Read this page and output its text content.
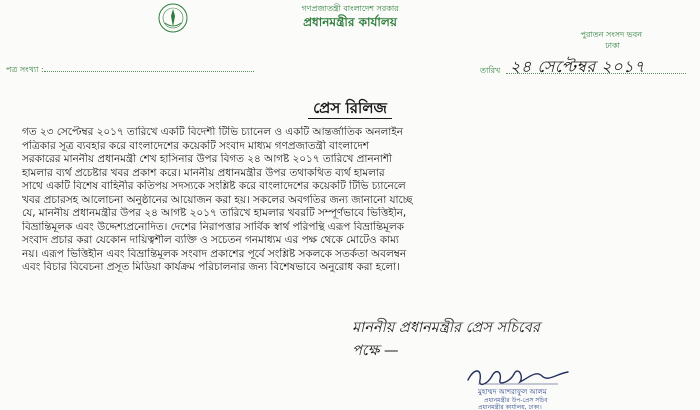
গণপ্রজাতন্ত্রী বাংলাদেশ সরকার
প্রধানমন্ত্রীর কার্যালয়
পুরাতন সংসদ ভবন
ঢাকা
পত্র সংখ্যা :	তারিখ ২৪ সেপ্টেম্বর ২০১৭
প্রেস রিলিজ
গত ২৩ সেপ্টেম্বর ২০১৭ তারিখে একটি বিদেশী টিভি চ্যানেল ও একটি আন্তর্জাতিক অনলাইন
পত্রিকার সূত্র ব্যবহার করে বাংলাদেশের কয়েকটি সংবাদ মাধ্যম গণপ্রজাতন্ত্রী বাংলাদেশ
সরকারের মাননীয় প্রধানমন্ত্রী শেখ হাসিনার উপর বিগত ২৪ আগষ্ট ২০১৭ তারিখে প্রাননাশী
হামলার ব্যর্থ প্রচেষ্টার খবর প্রকাশ করে। মাননীয় প্রধানমন্ত্রীর উপর তথাকথিত ব্যর্থ হামলার
সাথে একটি বিশেষ বাহিনীর কতিপয় সদস্যকে সংশ্লিষ্ট করে বাংলাদেশের কয়েকটি টিভি চ্যানেলে
খবর প্রচারসহ আলোচনা অনুষ্ঠানের আয়োজন করা হয়। সকলের অবগতির জন্য জানানো যাচ্ছে
যে, মাননীয় প্রধানমন্ত্রীর উপর ২৪ আগষ্ট ২০১৭ তারিখে হামলার খবরটি সম্পূর্ণভাবে ভিত্তিহীন,
বিভ্রান্তিমূলক এবং উদ্দেশ্যপ্রনোদিত। দেশের নিরাপত্তার সার্বিক স্বার্থ পরিপন্থি এরূপ বিভ্রান্তিমূলক
সংবাদ প্রচার করা যেকোন দায়িত্বশীল ব্যক্তি ও সচেতন গনমাধ্যম এর পক্ষ থেকে মোটেও কাম্য
নয়। এরূপ ভিত্তিহীন এবং বিভ্রান্তিমূলক সংবাদ প্রকাশের পূর্বে সংশ্লিষ্ট সকলকে সতর্কতা অবলম্বন
এবং বিচার বিবেচনা প্রসূত মিডিয়া কার্যক্রম পরিচালনার জন্য বিশেষভাবে অনুরোধ করা হলো।
মাননীয় প্রধানমন্ত্রীর প্রেস সচিবের
পক্ষে —
মুহাম্মদ আশরাফুল আলম
প্রধানমন্ত্রীর উপ-প্রেস সচিব
প্রধানমন্ত্রীর কার্যালয়, ঢাকা।
